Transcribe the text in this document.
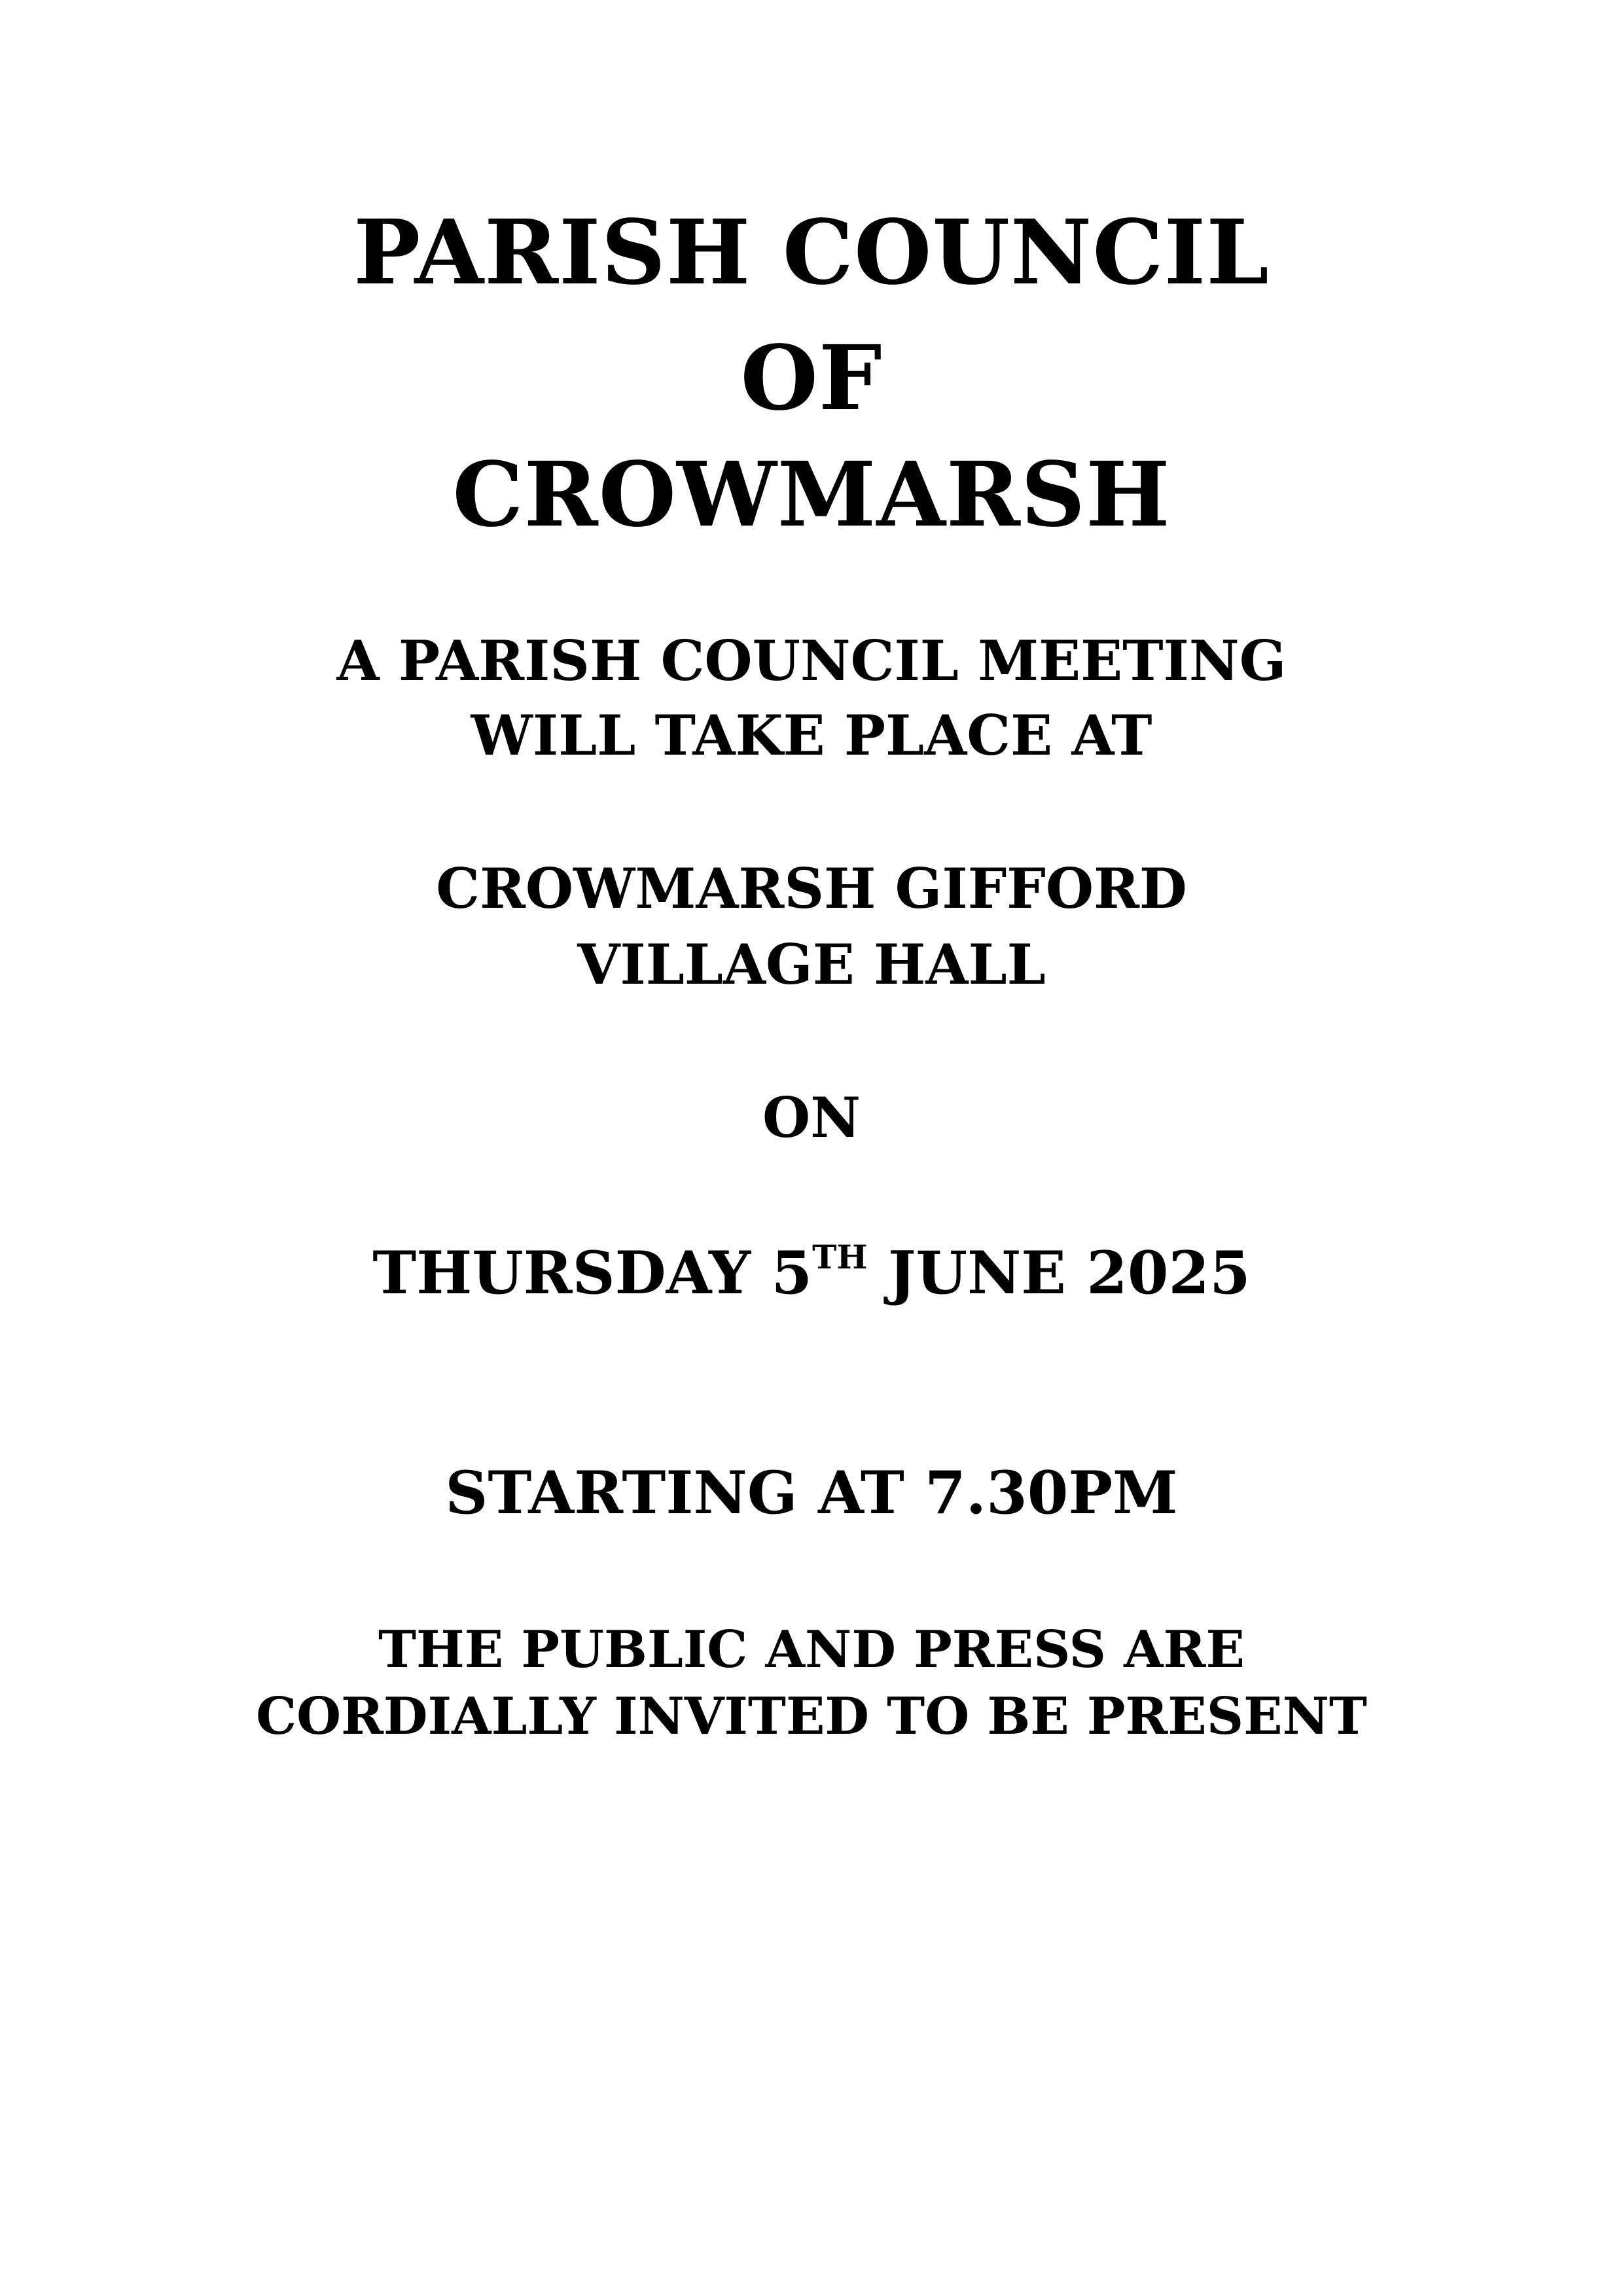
PARISH COUNCIL
OF
CROWMARSH
A PARISH COUNCIL MEETING
WILL TAKE PLACE AT
CROWMARSH GIFFORD
VILLAGE HALL
ON
THURSDAY 5TH JUNE 2025
STARTING AT 7.30PM
THE PUBLIC AND PRESS ARE
CORDIALLY INVITED TO BE PRESENT
